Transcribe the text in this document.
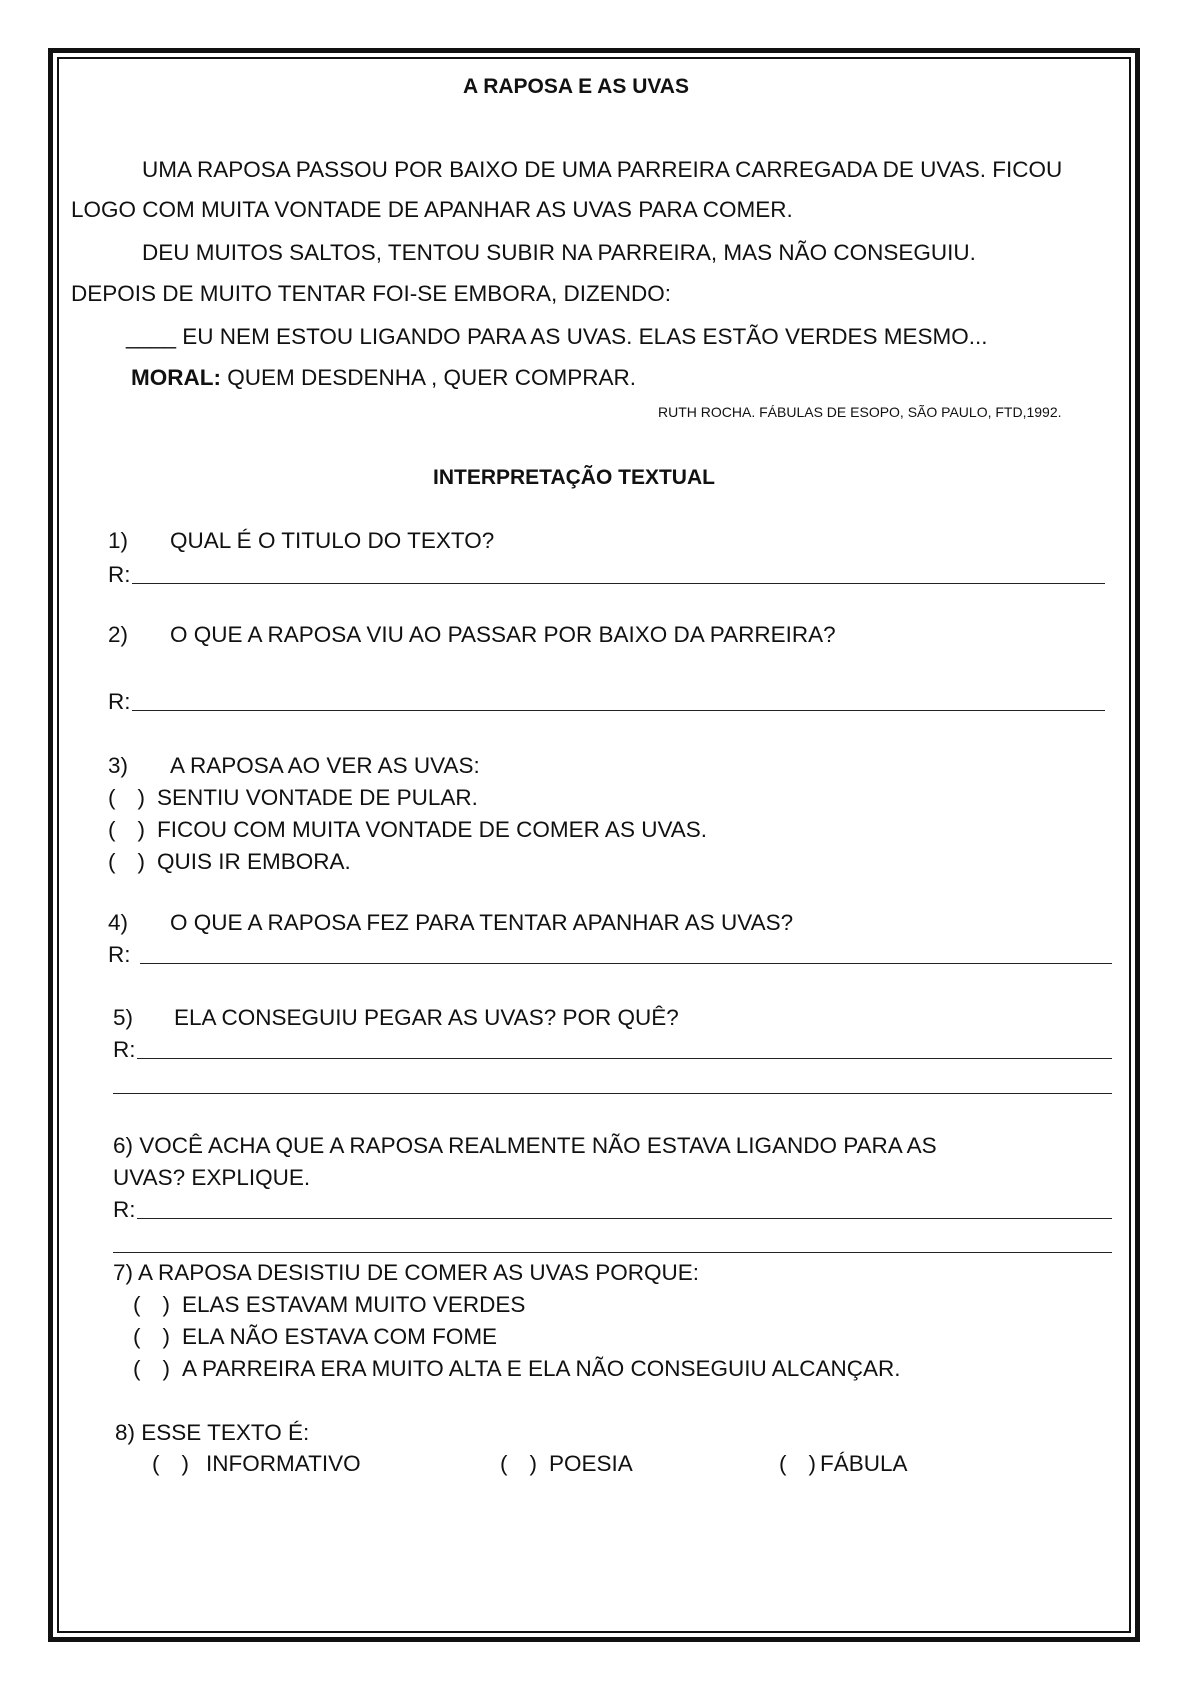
A RAPOSA E AS UVAS
UMA RAPOSA PASSOU POR BAIXO DE UMA PARREIRA CARREGADA DE UVAS. FICOU
LOGO COM MUITA VONTADE DE APANHAR AS UVAS PARA COMER.
DEU MUITOS SALTOS, TENTOU SUBIR NA PARREIRA, MAS NÃO CONSEGUIU.
DEPOIS DE MUITO TENTAR FOI-SE EMBORA, DIZENDO:
____ EU NEM ESTOU LIGANDO PARA AS UVAS. ELAS ESTÃO VERDES MESMO...
MORAL: QUEM DESDENHA , QUER COMPRAR.
RUTH ROCHA. FÁBULAS DE ESOPO, SÃO PAULO, FTD,1992.
INTERPRETAÇÃO TEXTUAL
1) QUAL É O TITULO DO TEXTO?
R:
2) O QUE A RAPOSA VIU AO PASSAR POR BAIXO DA PARREIRA?
R:
3) A RAPOSA AO VER AS UVAS:
( ) SENTIU VONTADE DE PULAR.
( ) FICOU COM MUITA VONTADE DE COMER AS UVAS.
( ) QUIS IR EMBORA.
4) O QUE A RAPOSA FEZ PARA TENTAR APANHAR AS UVAS?
R:
5) ELA CONSEGUIU PEGAR AS UVAS? POR QUÊ?
R:
6) VOCÊ ACHA QUE A RAPOSA REALMENTE NÃO ESTAVA LIGANDO PARA AS
UVAS? EXPLIQUE.
R:
7) A RAPOSA DESISTIU DE COMER AS UVAS PORQUE:
( ) ELAS ESTAVAM MUITO VERDES
( ) ELA NÃO ESTAVA COM FOME
( ) A PARREIRA ERA MUITO ALTA E ELA NÃO CONSEGUIU ALCANÇAR.
8) ESSE TEXTO É:
( ) INFORMATIVO	( ) POESIA	( ) FÁBULA
